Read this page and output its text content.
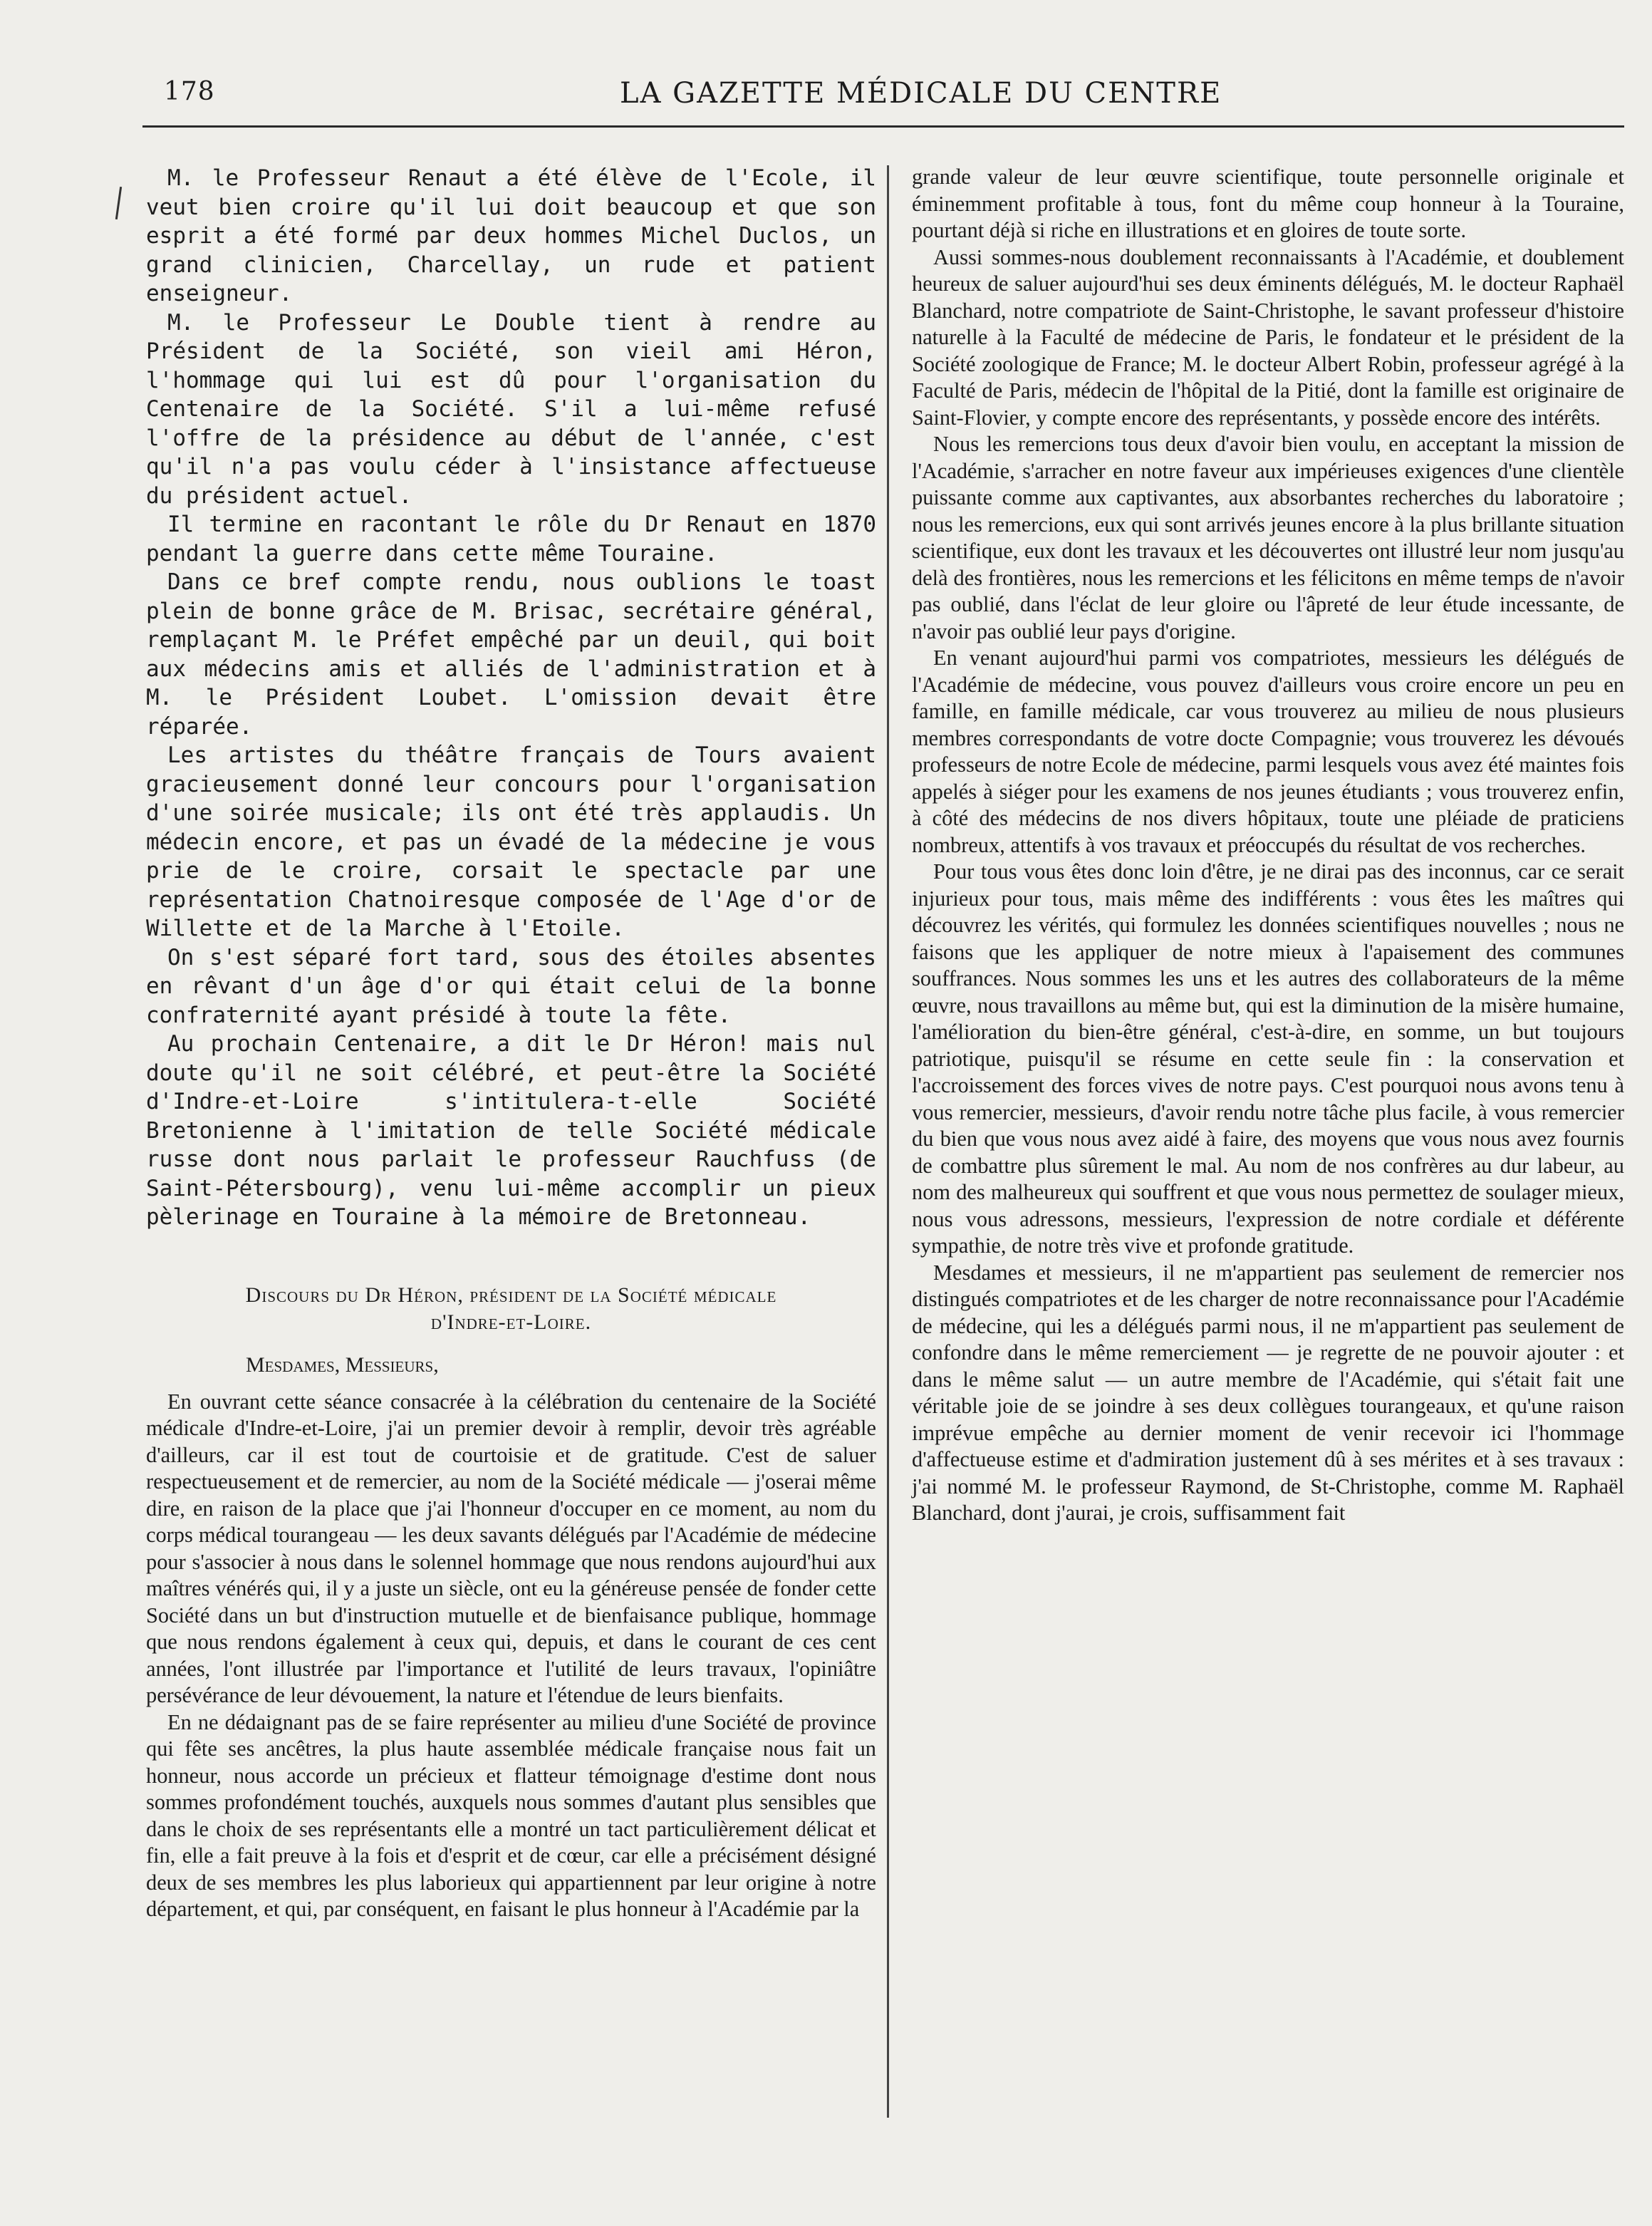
178	LA GAZETTE MÉDICALE DU CENTRE

M. le Professeur Renaut a été élève de l'Ecole, il veut bien croire qu'il lui doit beaucoup et que son esprit a été formé par deux hommes Michel Duclos, un grand clinicien, Charcellay, un rude et patient enseigneur.

M. le Professeur Le Double tient à rendre au Président de la Société, son vieil ami Héron, l'hommage qui lui est dû pour l'organisation du Centenaire de la Société. S'il a lui-même refusé l'offre de la présidence au début de l'année, c'est qu'il n'a pas voulu céder à l'insistance affectueuse du président actuel.

Il termine en racontant le rôle du Dr Renaut en 1870 pendant la guerre dans cette même Touraine.

Dans ce bref compte rendu, nous oublions le toast plein de bonne grâce de M. Brisac, secrétaire général, remplaçant M. le Préfet empêché par un deuil, qui boit aux médecins amis et alliés de l'administration et à M. le Président Loubet. L'omission devait être réparée.

Les artistes du théâtre français de Tours avaient gracieusement donné leur concours pour l'organisation d'une soirée musicale; ils ont été très applaudis. Un médecin encore, et pas un évadé de la médecine je vous prie de le croire, corsait le spectacle par une représentation Chatnoiresque composée de l'Age d'or de Willette et de la Marche à l'Etoile.

On s'est séparé fort tard, sous des étoiles absentes en rêvant d'un âge d'or qui était celui de la bonne confraternité ayant présidé à toute la fête.

Au prochain Centenaire, a dit le Dr Héron! mais nul doute qu'il ne soit célébré, et peut-être la Société d'Indre-et-Loire s'intitulera-t-elle Société Bretonienne à l'imitation de telle Société médicale russe dont nous parlait le professeur Rauchfuss (de Saint-Pétersbourg), venu lui-même accomplir un pieux pèlerinage en Touraine à la mémoire de Bretonneau.

Discours du Dr Héron, président de la Société médicale

d'Indre-et-Loire.

Mesdames, Messieurs,

En ouvrant cette séance consacrée à la célébration du centenaire de la Société médicale d'Indre-et-Loire, j'ai un premier devoir à remplir, devoir très agréable d'ailleurs, car il est tout de courtoisie et de gratitude. C'est de saluer respectueusement et de remercier, au nom de la Société médicale — j'oserai même dire, en raison de la place que j'ai l'honneur d'occuper en ce moment, au nom du corps médical tourangeau — les deux savants délégués par l'Académie de médecine pour s'associer à nous dans le solennel hommage que nous rendons aujourd'hui aux maîtres vénérés qui, il y a juste un siècle, ont eu la généreuse pensée de fonder cette Société dans un but d'instruction mutuelle et de bienfaisance publique, hommage que nous rendons également à ceux qui, depuis, et dans le courant de ces cent années, l'ont illustrée par l'importance et l'utilité de leurs travaux, l'opiniâtre persévérance de leur dévouement, la nature et l'étendue de leurs bienfaits.

En ne dédaignant pas de se faire représenter au milieu d'une Société de province qui fête ses ancêtres, la plus haute assemblée médicale française nous fait un honneur, nous accorde un précieux et flatteur témoignage d'estime dont nous sommes profondément touchés, auxquels nous sommes d'autant plus sensibles que dans le choix de ses représentants elle a montré un tact particulièrement délicat et fin, elle a fait preuve à la fois et d'esprit et de cœur, car elle a précisément désigné deux de ses membres les plus laborieux qui appartiennent par leur origine à notre département, et qui, par conséquent, en faisant le plus honneur à l'Académie par la

grande valeur de leur œuvre scientifique, toute personnelle originale et éminemment profitable à tous, font du même coup honneur à la Touraine, pourtant déjà si riche en illustrations et en gloires de toute sorte.

Aussi sommes-nous doublement reconnaissants à l'Académie, et doublement heureux de saluer aujourd'hui ses deux éminents délégués, M. le docteur Raphaël Blanchard, notre compatriote de Saint-Christophe, le savant professeur d'histoire naturelle à la Faculté de médecine de Paris, le fondateur et le président de la Société zoologique de France; M. le docteur Albert Robin, professeur agrégé à la Faculté de Paris, médecin de l'hôpital de la Pitié, dont la famille est originaire de Saint-Flovier, y compte encore des représentants, y possède encore des intérêts.

Nous les remercions tous deux d'avoir bien voulu, en acceptant la mission de l'Académie, s'arracher en notre faveur aux impérieuses exigences d'une clientèle puissante comme aux captivantes, aux absorbantes recherches du laboratoire ; nous les remercions, eux qui sont arrivés jeunes encore à la plus brillante situation scientifique, eux dont les travaux et les découvertes ont illustré leur nom jusqu'au delà des frontières, nous les remercions et les félicitons en même temps de n'avoir pas oublié, dans l'éclat de leur gloire ou l'âpreté de leur étude incessante, de n'avoir pas oublié leur pays d'origine.

En venant aujourd'hui parmi vos compatriotes, messieurs les délégués de l'Académie de médecine, vous pouvez d'ailleurs vous croire encore un peu en famille, en famille médicale, car vous trouverez au milieu de nous plusieurs membres correspondants de votre docte Compagnie; vous trouverez les dévoués professeurs de notre Ecole de médecine, parmi lesquels vous avez été maintes fois appelés à siéger pour les examens de nos jeunes étudiants ; vous trouverez enfin, à côté des médecins de nos divers hôpitaux, toute une pléiade de praticiens nombreux, attentifs à vos travaux et préoccupés du résultat de vos recherches.

Pour tous vous êtes donc loin d'être, je ne dirai pas des inconnus, car ce serait injurieux pour tous, mais même des indifférents : vous êtes les maîtres qui découvrez les vérités, qui formulez les données scientifiques nouvelles ; nous ne faisons que les appliquer de notre mieux à l'apaisement des communes souffrances. Nous sommes les uns et les autres des collaborateurs de la même œuvre, nous travaillons au même but, qui est la diminution de la misère humaine, l'amélioration du bien-être général, c'est-à-dire, en somme, un but toujours patriotique, puisqu'il se résume en cette seule fin : la conservation et l'accroissement des forces vives de notre pays. C'est pourquoi nous avons tenu à vous remercier, messieurs, d'avoir rendu notre tâche plus facile, à vous remercier du bien que vous nous avez aidé à faire, des moyens que vous nous avez fournis de combattre plus sûrement le mal. Au nom de nos confrères au dur labeur, au nom des malheureux qui souffrent et que vous nous permettez de soulager mieux, nous vous adressons, messieurs, l'expression de notre cordiale et déférente sympathie, de notre très vive et profonde gratitude.

Mesdames et messieurs, il ne m'appartient pas seulement de remercier nos distingués compatriotes et de les charger de notre reconnaissance pour l'Académie de médecine, qui les a délégués parmi nous, il ne m'appartient pas seulement de confondre dans le même remerciement — je regrette de ne pouvoir ajouter : et dans le même salut — un autre membre de l'Académie, qui s'était fait une véritable joie de se joindre à ses deux collègues tourangeaux, et qu'une raison imprévue empêche au dernier moment de venir recevoir ici l'hommage d'affectueuse estime et d'admiration justement dû à ses mérites et à ses travaux : j'ai nommé M. le professeur Raymond, de St-Christophe, comme M. Raphaël Blanchard, dont j'aurai, je crois, suffisamment fait
